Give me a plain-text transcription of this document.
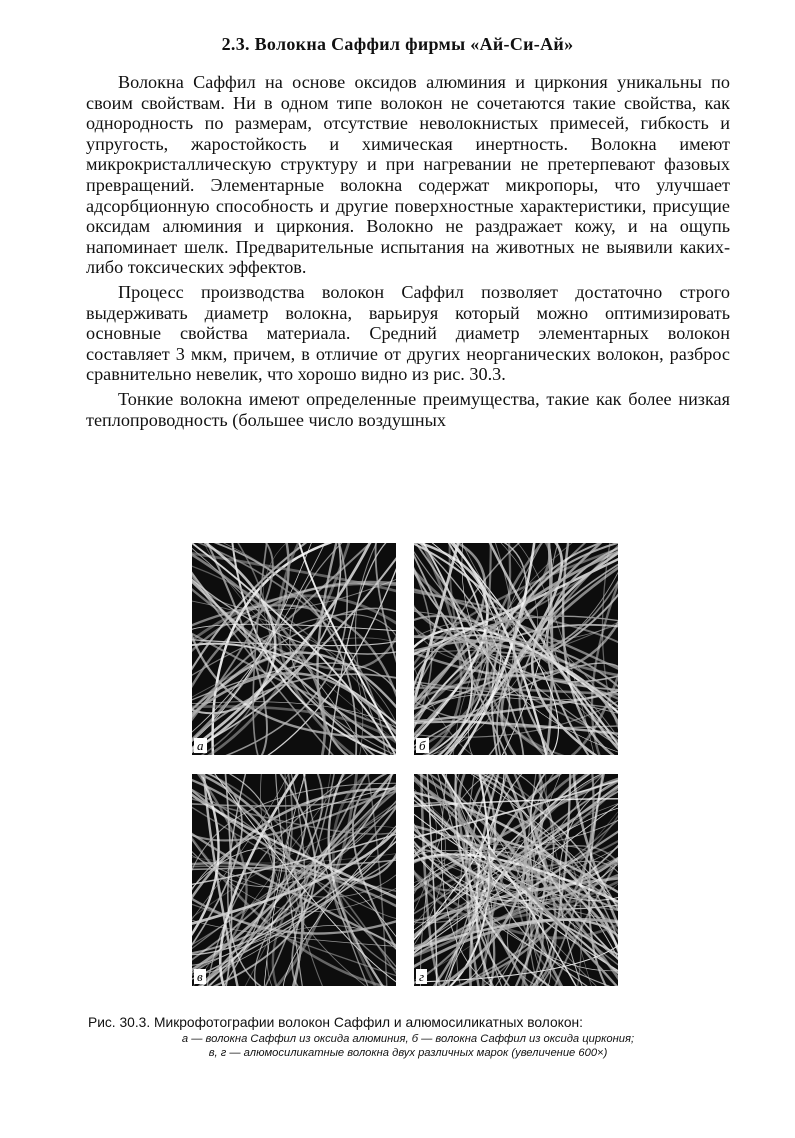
2.3. Волокна Саффил фирмы «Ай-Си-Ай»

Волокна Саффил на основе оксидов алюминия и циркония уникальны по своим свойствам. Ни в одном типе волокон не сочетаются такие свойства, как однородность по размерам, отсутствие неволокнистых примесей, гибкость и упругость, жаростойкость и химическая инертность. Волокна имеют микрокристаллическую структуру и при нагревании не претерпевают фазовых превращений. Элементарные волокна содержат микропоры, что улучшает адсорбционную способность и другие поверхностные характеристики, присущие оксидам алюминия и циркония. Волокно не раздражает кожу, и на ощупь напоминает шелк. Предварительные испытания на животных не выявили каких-либо токсических эффектов.

Процесс производства волокон Саффил позволяет достаточно строго выдерживать диаметр волокна, варьируя который можно оптимизировать основные свойства материала. Средний диаметр элементарных волокон составляет 3 мкм, причем, в отличие от других неорганических волокон, разброс сравнительно невелик, что хорошо видно из рис. 30.3.

Тонкие волокна имеют определенные преимущества, такие как более низкая теплопроводность (большее число воздушных

а	б
в	г
Рис. 30.3. Микрофотографии волокон Саффил и алюмосиликатных волокон:
а — волокна Саффил из оксида алюминия, б — волокна Саффил из оксида циркония;
в, г — алюмосиликатные волокна двух различных марок (увеличение 600×)
